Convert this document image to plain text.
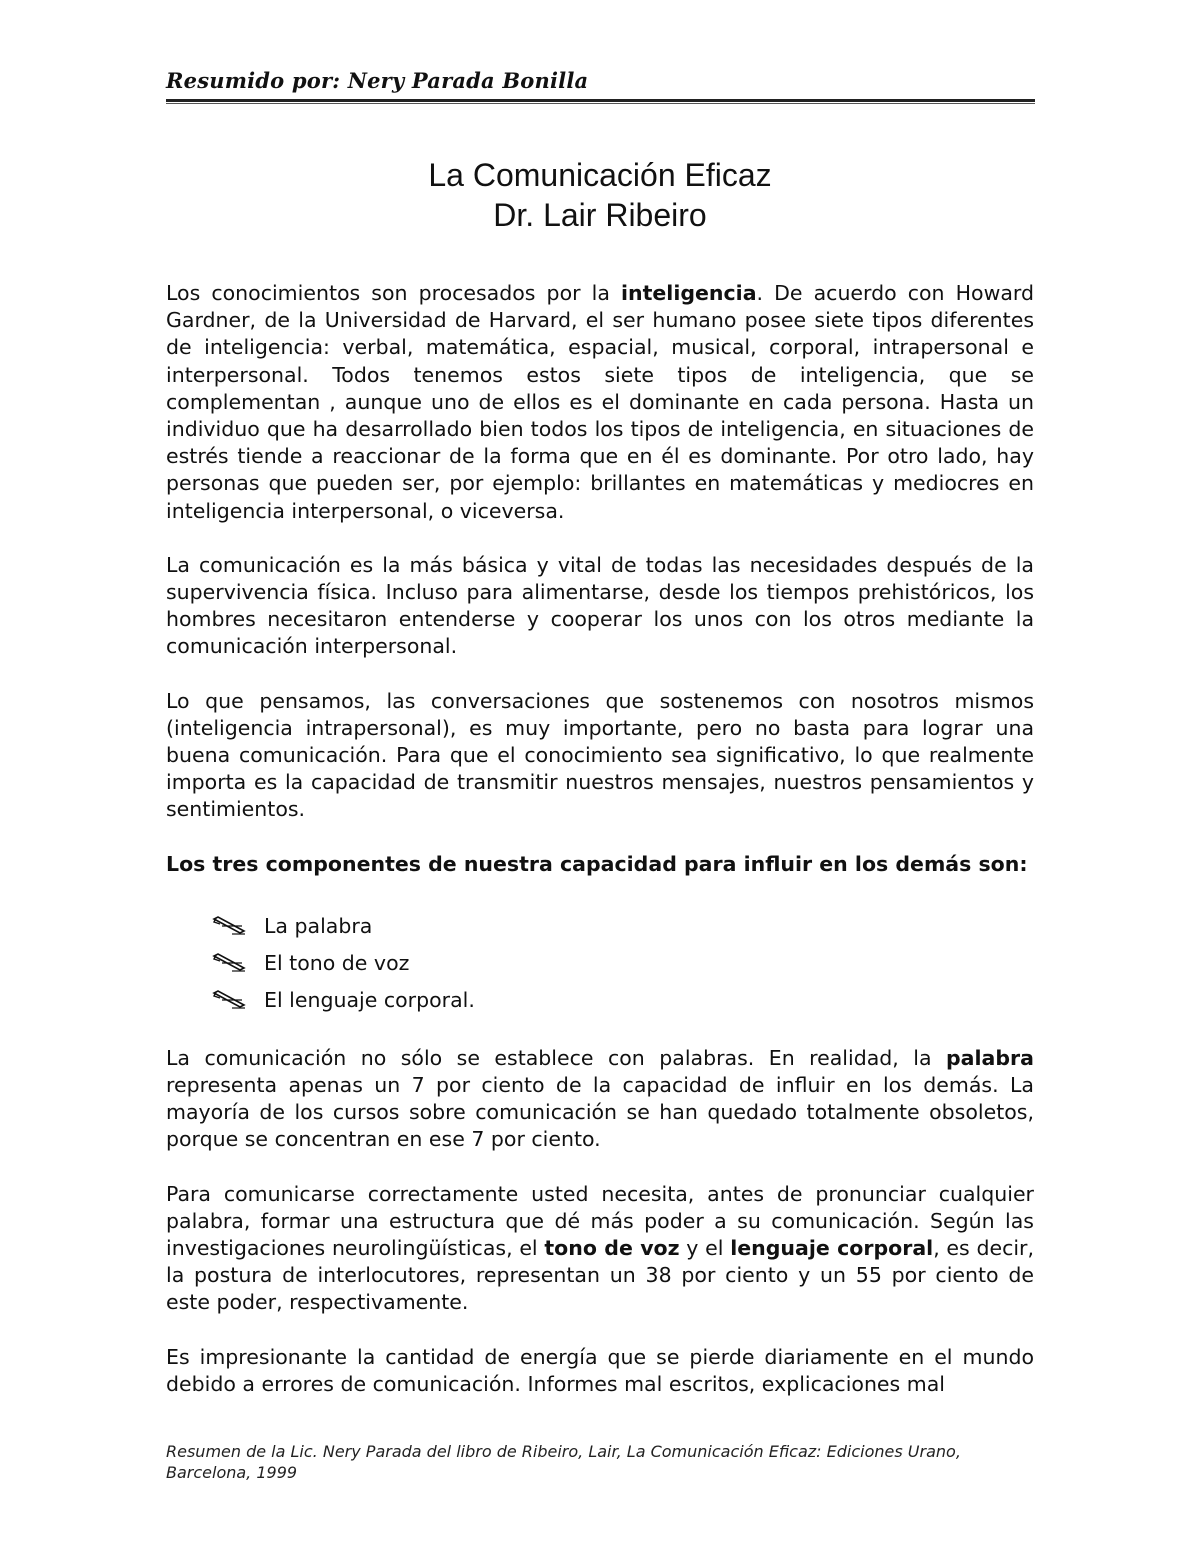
Resumido por: Nery Parada Bonilla
La Comunicación Eficaz
Dr. Lair Ribeiro

Los conocimientos son procesados por la inteligencia. De acuerdo con Howard Gardner, de la Universidad de Harvard, el ser humano posee siete tipos diferentes de inteligencia: verbal, matemática, espacial, musical, corporal, intrapersonal e interpersonal. Todos tenemos estos siete tipos de inteligencia, que se complementan , aunque uno de ellos es el dominante en cada persona. Hasta un individuo que ha desarrollado bien todos los tipos de inteligencia, en situaciones de estrés tiende a reaccionar de la forma que en él es dominante. Por otro lado, hay personas que pueden ser, por ejemplo: brillantes en matemáticas y mediocres en inteligencia interpersonal, o viceversa.

La comunicación es la más básica y vital de todas las necesidades después de la supervivencia física. Incluso para alimentarse, desde los tiempos prehistóricos, los hombres necesitaron entenderse y cooperar los unos con los otros mediante la comunicación interpersonal.

Lo que pensamos, las conversaciones que sostenemos con nosotros mismos (inteligencia intrapersonal), es muy importante, pero no basta para lograr una buena comunicación. Para que el conocimiento sea significativo, lo que realmente importa es la capacidad de transmitir nuestros mensajes, nuestros pensamientos y sentimientos.

Los tres componentes de nuestra capacidad para influir en los demás son:

La palabra
El tono de voz
El lenguaje corporal.

La comunicación no sólo se establece con palabras. En realidad, la palabra representa apenas un 7 por ciento de la capacidad de influir en los demás. La mayoría de los cursos sobre comunicación se han quedado totalmente obsoletos, porque se concentran en ese 7 por ciento.

Para comunicarse correctamente usted necesita, antes de pronunciar cualquier palabra, formar una estructura que dé más poder a su comunicación. Según las investigaciones neurolingüísticas, el tono de voz y el lenguaje corporal, es decir, la postura de interlocutores, representan un 38 por ciento y un 55 por ciento de este poder, respectivamente.

Es impresionante la cantidad de energía que se pierde diariamente en el mundo debido a errores de comunicación. Informes mal escritos, explicaciones mal

Resumen de la Lic. Nery Parada del libro de Ribeiro, Lair, La Comunicación Eficaz: Ediciones Urano, Barcelona, 1999
